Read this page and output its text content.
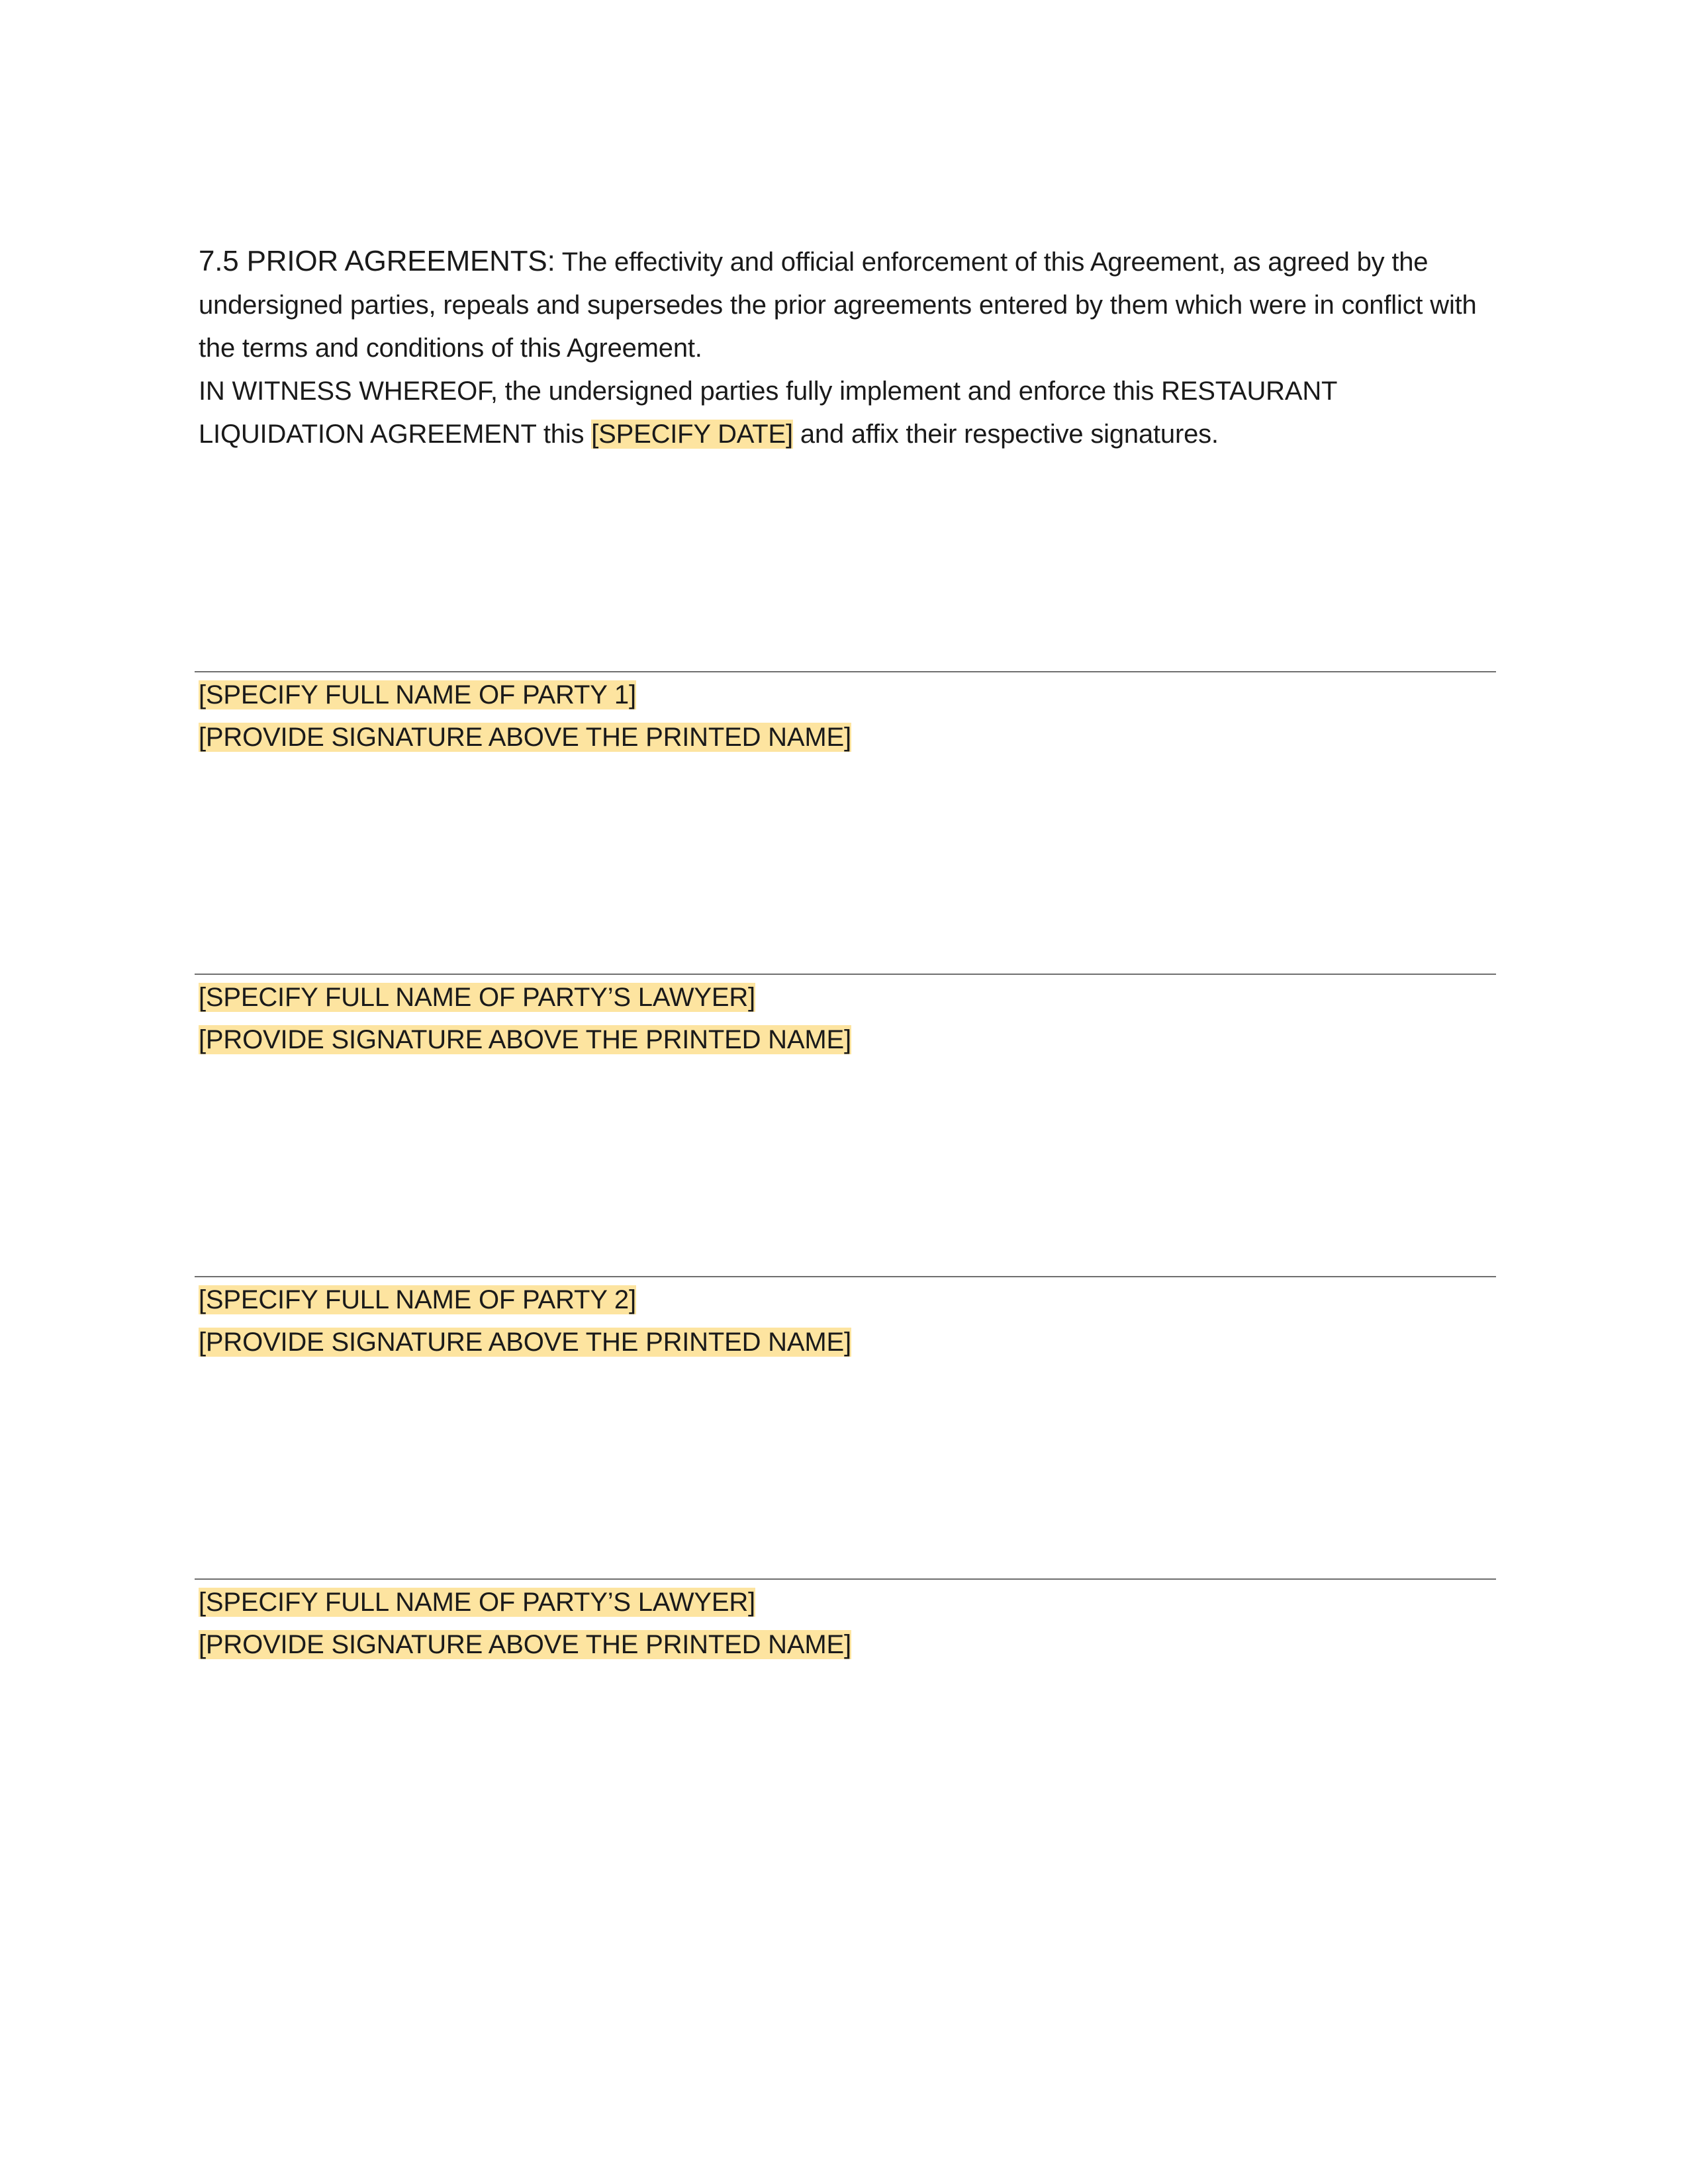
7.5 PRIOR AGREEMENTS: The effectivity and official enforcement of this Agreement, as agreed by the undersigned parties, repeals and supersedes the prior agreements entered by them which were in conflict with the terms and conditions of this Agreement.

IN WITNESS WHEREOF, the undersigned parties fully implement and enforce this RESTAURANT LIQUIDATION AGREEMENT this [SPECIFY DATE] and affix their respective signatures.

[SPECIFY FULL NAME OF PARTY 1]
[PROVIDE SIGNATURE ABOVE THE PRINTED NAME]
[SPECIFY FULL NAME OF PARTY’S LAWYER]
[PROVIDE SIGNATURE ABOVE THE PRINTED NAME]
[SPECIFY FULL NAME OF PARTY 2]
[PROVIDE SIGNATURE ABOVE THE PRINTED NAME]
[SPECIFY FULL NAME OF PARTY’S LAWYER]
[PROVIDE SIGNATURE ABOVE THE PRINTED NAME]
